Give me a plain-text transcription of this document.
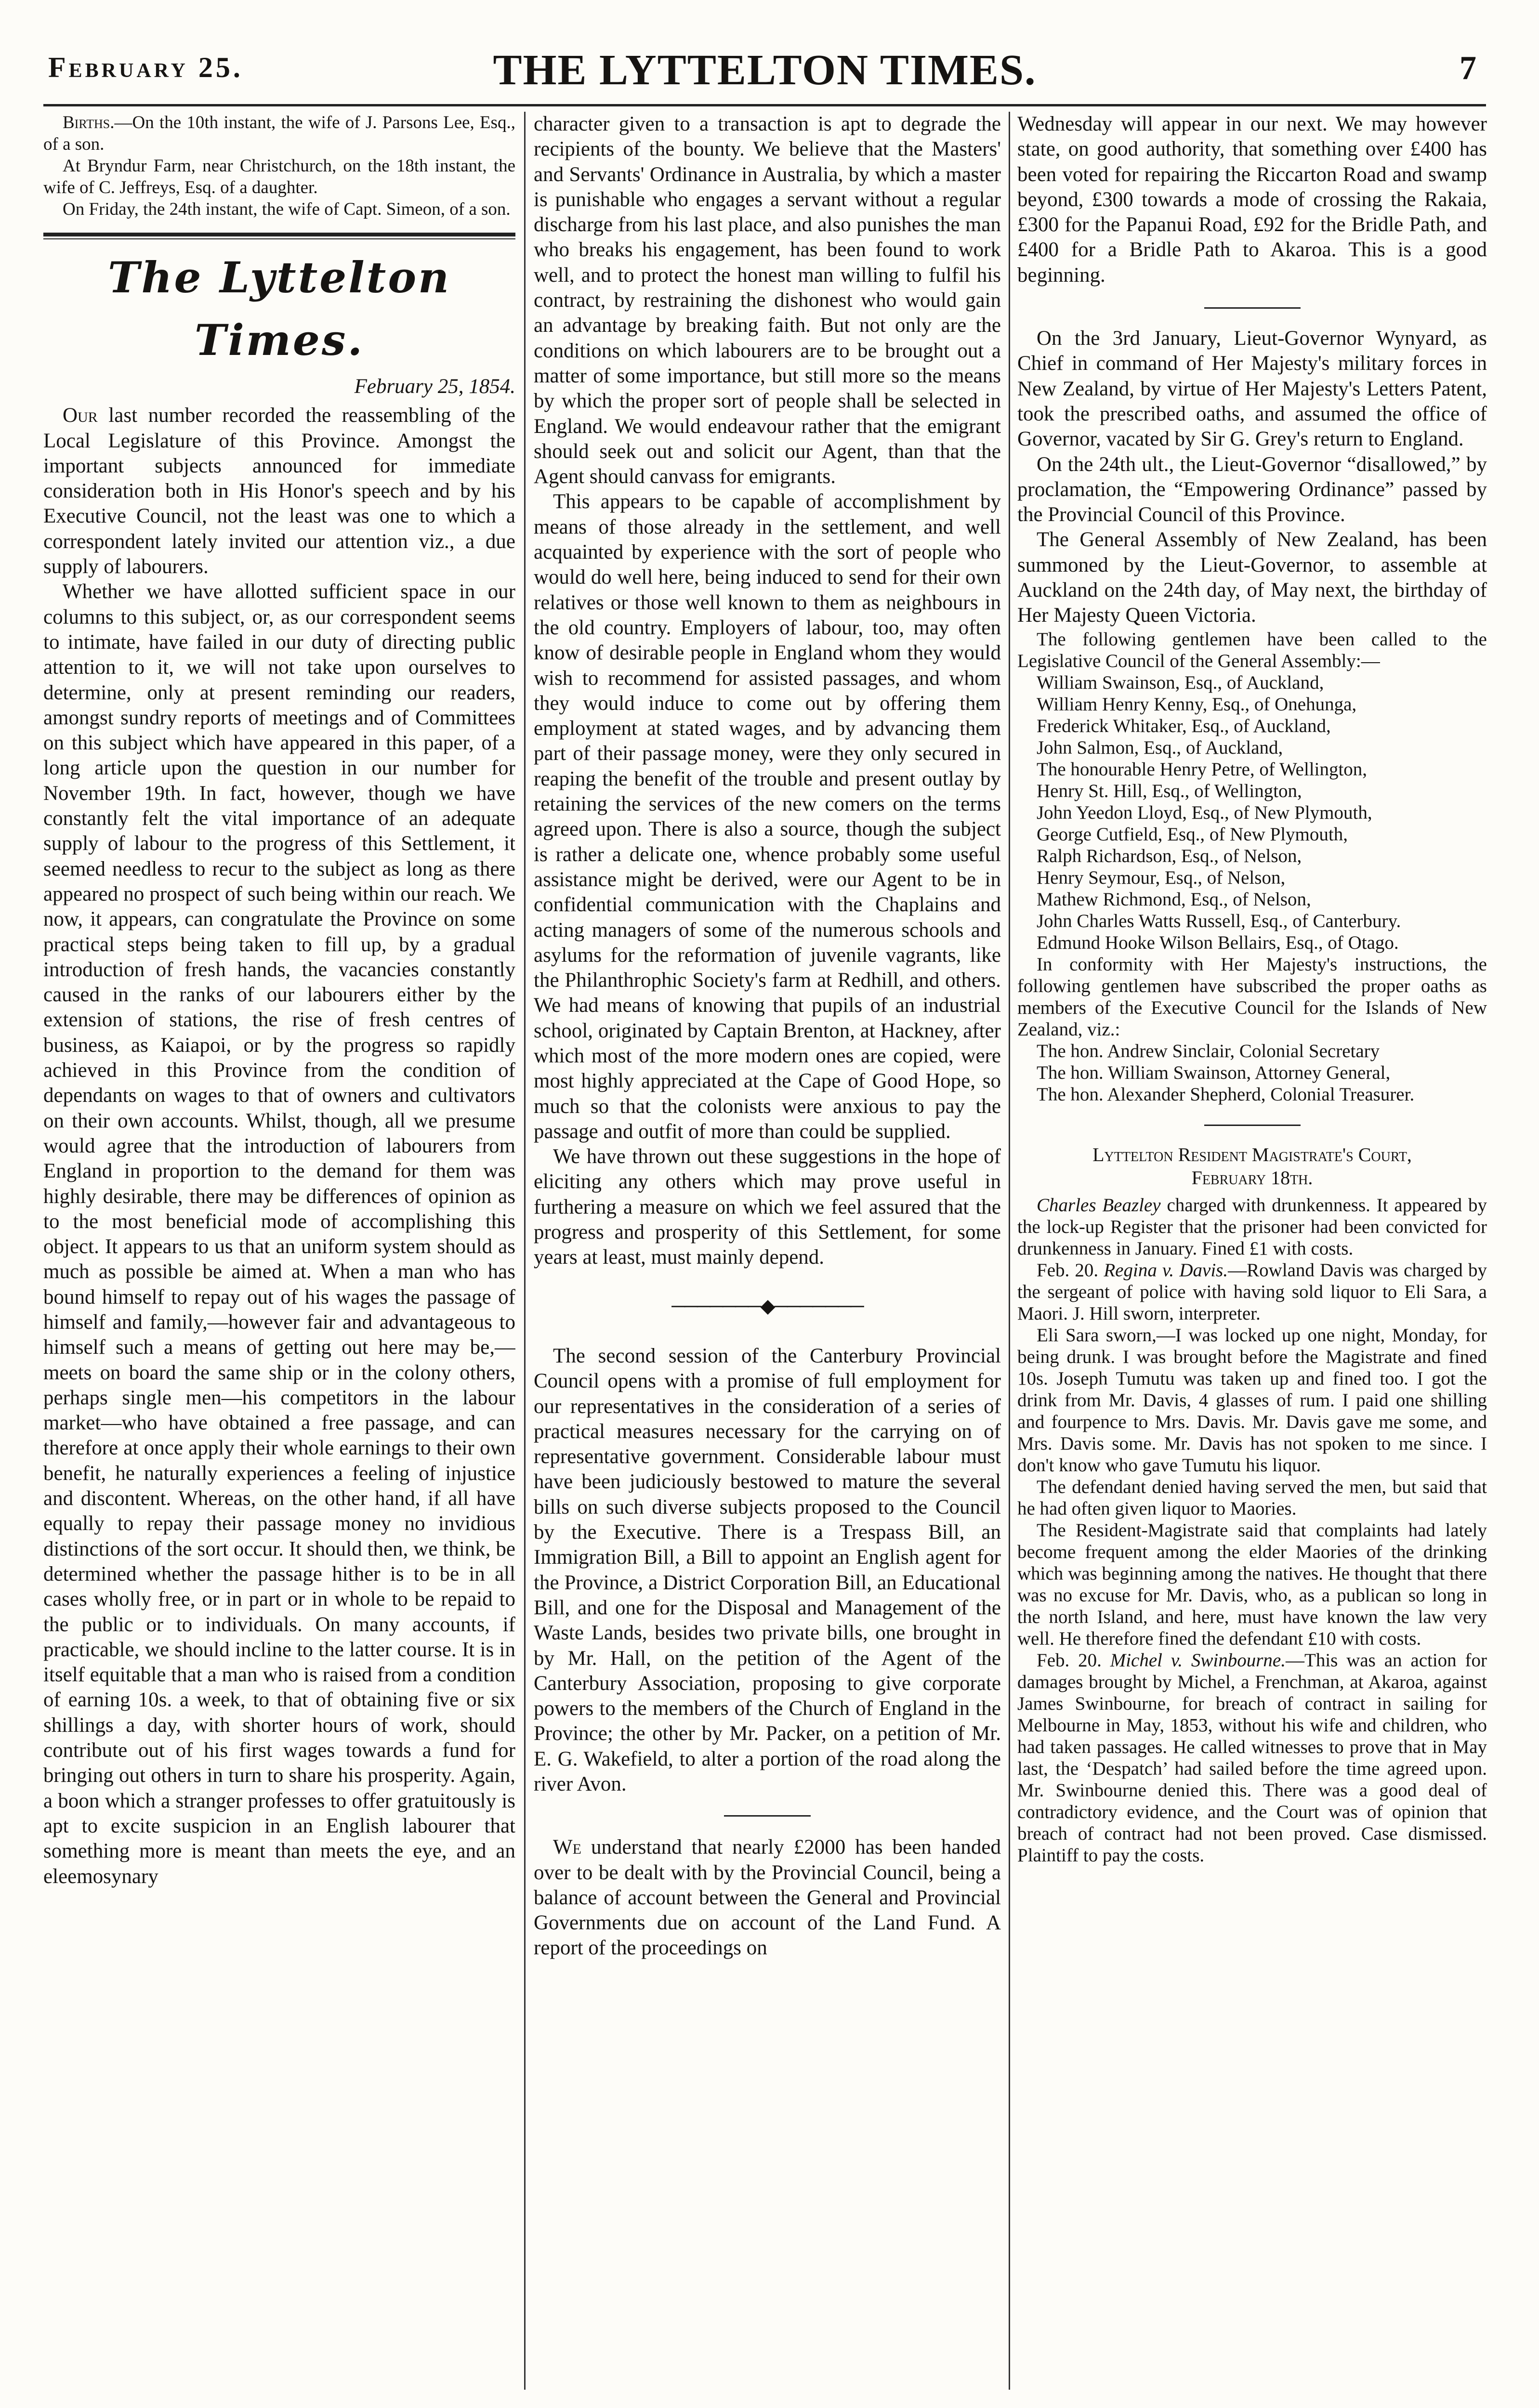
February 25.	THE LYTTELTON TIMES.	7

Births.—On the 10th instant, the wife of J. Parsons Lee, Esq., of a son.

At Bryndur Farm, near Christchurch, on the 18th instant, the wife of C. Jeffreys, Esq. of a daughter.

On Friday, the 24th instant, the wife of Capt. Simeon, of a son.

The Lyttelton Times.
February 25, 1854.

Our last number recorded the reassembling of the Local Legislature of this Province. Amongst the important subjects announced for immediate consideration both in His Honor's speech and by his Executive Council, not the least was one to which a correspondent lately invited our attention viz., a due supply of labourers.

Whether we have allotted sufficient space in our columns to this subject, or, as our correspondent seems to intimate, have failed in our duty of directing public attention to it, we will not take upon ourselves to determine, only at present reminding our readers, amongst sundry reports of meetings and of Committees on this subject which have appeared in this paper, of a long article upon the question in our number for November 19th. In fact, however, though we have constantly felt the vital importance of an adequate supply of labour to the progress of this Settlement, it seemed needless to recur to the subject as long as there appeared no prospect of such being within our reach. We now, it appears, can congratulate the Province on some practical steps being taken to fill up, by a gradual introduction of fresh hands, the vacancies constantly caused in the ranks of our labourers either by the extension of stations, the rise of fresh centres of business, as Kaiapoi, or by the progress so rapidly achieved in this Province from the condition of dependants on wages to that of owners and cultivators on their own accounts. Whilst, though, all we presume would agree that the introduction of labourers from England in proportion to the demand for them was highly desirable, there may be differences of opinion as to the most beneficial mode of accomplishing this object. It appears to us that an uniform system should as much as possible be aimed at. When a man who has bound himself to repay out of his wages the passage of himself and family,—however fair and advantageous to himself such a means of getting out here may be,—meets on board the same ship or in the colony others, perhaps single men—his competitors in the labour market—who have obtained a free passage, and can therefore at once apply their whole earnings to their own benefit, he naturally experiences a feeling of injustice and discontent. Whereas, on the other hand, if all have equally to repay their passage money no invidious distinctions of the sort occur. It should then, we think, be determined whether the passage hither is to be in all cases wholly free, or in part or in whole to be repaid to the public or to individuals. On many accounts, if practicable, we should incline to the latter course. It is in itself equitable that a man who is raised from a condition of earning 10s. a week, to that of obtaining five or six shillings a day, with shorter hours of work, should contribute out of his first wages towards a fund for bringing out others in turn to share his prosperity. Again, a boon which a stranger professes to offer gratuitously is apt to excite suspicion in an English labourer that something more is meant than meets the eye, and an eleemosynary

character given to a transaction is apt to degrade the recipients of the bounty. We believe that the Masters' and Servants' Ordinance in Australia, by which a master is punishable who engages a servant without a regular discharge from his last place, and also punishes the man who breaks his engagement, has been found to work well, and to protect the honest man willing to fulfil his contract, by restraining the dishonest who would gain an advantage by breaking faith. But not only are the conditions on which labourers are to be brought out a matter of some importance, but still more so the means by which the proper sort of people shall be selected in England. We would endeavour rather that the emigrant should seek out and solicit our Agent, than that the Agent should canvass for emigrants.

This appears to be capable of accomplishment by means of those already in the settlement, and well acquainted by experience with the sort of people who would do well here, being induced to send for their own relatives or those well known to them as neighbours in the old country. Employers of labour, too, may often know of desirable people in England whom they would wish to recommend for assisted passages, and whom they would induce to come out by offering them employment at stated wages, and by advancing them part of their passage money, were they only secured in reaping the benefit of the trouble and present outlay by retaining the services of the new comers on the terms agreed upon. There is also a source, though the subject is rather a delicate one, whence probably some useful assistance might be derived, were our Agent to be in confidential communication with the Chaplains and acting managers of some of the numerous schools and asylums for the reformation of juvenile vagrants, like the Philanthrophic Society's farm at Redhill, and others. We had means of knowing that pupils of an industrial school, originated by Captain Brenton, at Hackney, after which most of the more modern ones are copied, were most highly appreciated at the Cape of Good Hope, so much so that the colonists were anxious to pay the passage and outfit of more than could be supplied.

We have thrown out these suggestions in the hope of eliciting any others which may prove useful in furthering a measure on which we feel assured that the progress and prosperity of this Settlement, for some years at least, must mainly depend.

───────◆───────

The second session of the Canterbury Provincial Council opens with a promise of full employment for our representatives in the consideration of a series of practical measures necessary for the carrying on of representative government. Considerable labour must have been judiciously bestowed to mature the several bills on such diverse subjects proposed to the Council by the Executive. There is a Trespass Bill, an Immigration Bill, a Bill to appoint an English agent for the Province, a District Corporation Bill, an Educational Bill, and one for the Disposal and Management of the Waste Lands, besides two private bills, one brought in by Mr. Hall, on the petition of the Agent of the Canterbury Association, proposing to give corporate powers to the members of the Church of England in the Province; the other by Mr. Packer, on a petition of Mr. E. G. Wakefield, to alter a portion of the road along the river Avon.

We understand that nearly £2000 has been handed over to be dealt with by the Provincial Council, being a balance of account between the General and Provincial Governments due on account of the Land Fund. A report of the proceedings on

Wednesday will appear in our next. We may however state, on good authority, that something over £400 has been voted for repairing the Riccarton Road and swamp beyond, £300 towards a mode of crossing the Rakaia, £300 for the Papanui Road, £92 for the Bridle Path, and £400 for a Bridle Path to Akaroa. This is a good beginning.

On the 3rd January, Lieut-Governor Wynyard, as Chief in command of Her Majesty's military forces in New Zealand, by virtue of Her Majesty's Letters Patent, took the prescribed oaths, and assumed the office of Governor, vacated by Sir G. Grey's return to England.

On the 24th ult., the Lieut-Governor “disallowed,” by proclamation, the “Empowering Ordinance” passed by the Provincial Council of this Province.

The General Assembly of New Zealand, has been summoned by the Lieut-Governor, to assemble at Auckland on the 24th day, of May next, the birthday of Her Majesty Queen Victoria.

The following gentlemen have been called to the Legislative Council of the General Assembly:—

William Swainson, Esq., of Auckland,
William Henry Kenny, Esq., of Onehunga,
Frederick Whitaker, Esq., of Auckland,
John Salmon, Esq., of Auckland,
The honourable Henry Petre, of Wellington,
Henry St. Hill, Esq., of Wellington,
John Yeedon Lloyd, Esq., of New Plymouth,
George Cutfield, Esq., of New Plymouth,
Ralph Richardson, Esq., of Nelson,
Henry Seymour, Esq., of Nelson,
Mathew Richmond, Esq., of Nelson,
John Charles Watts Russell, Esq., of Canterbury.
Edmund Hooke Wilson Bellairs, Esq., of Otago.

In conformity with Her Majesty's instructions, the following gentlemen have subscribed the proper oaths as members of the Executive Council for the Islands of New Zealand, viz.:

The hon. Andrew Sinclair, Colonial Secretary
The hon. William Swainson, Attorney General,
The hon. Alexander Shepherd, Colonial Treasurer.
Lyttelton Resident Magistrate's Court,
February 18th.

Charles Beazley charged with drunkenness. It appeared by the lock-up Register that the prisoner had been convicted for drunkenness in January. Fined £1 with costs.

Feb. 20. Regina v. Davis.—Rowland Davis was charged by the sergeant of police with having sold liquor to Eli Sara, a Maori. J. Hill sworn, interpreter.

Eli Sara sworn,—I was locked up one night, Monday, for being drunk. I was brought before the Magistrate and fined 10s. Joseph Tumutu was taken up and fined too. I got the drink from Mr. Davis, 4 glasses of rum. I paid one shilling and fourpence to Mrs. Davis. Mr. Davis gave me some, and Mrs. Davis some. Mr. Davis has not spoken to me since. I don't know who gave Tumutu his liquor.

The defendant denied having served the men, but said that he had often given liquor to Maories.

The Resident-Magistrate said that complaints had lately become frequent among the elder Maories of the drinking which was beginning among the natives. He thought that there was no excuse for Mr. Davis, who, as a publican so long in the north Island, and here, must have known the law very well. He therefore fined the defendant £10 with costs.

Feb. 20. Michel v. Swinbourne.—This was an action for damages brought by Michel, a Frenchman, at Akaroa, against James Swinbourne, for breach of contract in sailing for Melbourne in May, 1853, without his wife and children, who had taken passages. He called witnesses to prove that in May last, the ‘Despatch’ had sailed before the time agreed upon. Mr. Swinbourne denied this. There was a good deal of contradictory evidence, and the Court was of opinion that breach of contract had not been proved. Case dismissed. Plaintiff to pay the costs.
